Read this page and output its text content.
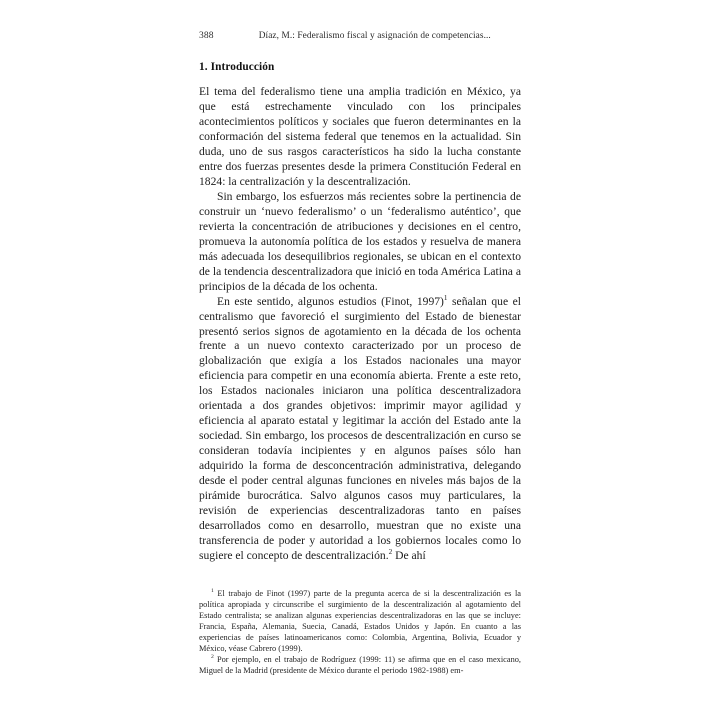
388	Díaz, M.: Federalismo fiscal y asignación de competencias...
1. Introducción

El tema del federalismo tiene una amplia tradición en México, ya que está estrechamente vinculado con los principales acontecimientos políticos y sociales que fueron determinantes en la conformación del sistema federal que tenemos en la actualidad. Sin duda, uno de sus rasgos característicos ha sido la lucha constante entre dos fuerzas presentes desde la primera Constitución Federal en 1824: la centralización y la descentralización.

Sin embargo, los esfuerzos más recientes sobre la pertinencia de construir un ‘nuevo federalismo’ o un ‘federalismo auténtico’, que revierta la concentración de atribuciones y decisiones en el centro, promueva la autonomía política de los estados y resuelva de manera más adecuada los desequilibrios regionales, se ubican en el contexto de la tendencia descentralizadora que inició en toda América Latina a principios de la década de los ochenta.

En este sentido, algunos estudios (Finot, 1997)$^1$ señalan que el centralismo que favoreció el surgimiento del Estado de bienestar presentó serios signos de agotamiento en la década de los ochenta frente a un nuevo contexto caracterizado por un proceso de globalización que exigía a los Estados nacionales una mayor eficiencia para competir en una economía abierta. Frente a este reto, los Estados nacionales iniciaron una política descentralizadora orientada a dos grandes objetivos: imprimir mayor agilidad y eficiencia al aparato estatal y legitimar la acción del Estado ante la sociedad. Sin embargo, los procesos de descentralización en curso se consideran todavía incipientes y en algunos países sólo han adquirido la forma de desconcentración administrativa, delegando desde el poder central algunas funciones en niveles más bajos de la pirámide burocrática. Salvo algunos casos muy particulares, la revisión de experiencias descentralizadoras tanto en países desarrollados como en desarrollo, muestran que no existe una transferencia de poder y autoridad a los gobiernos locales como lo sugiere el concepto de descentralización.$^2$ De ahí

$^1$ El trabajo de Finot (1997) parte de la pregunta acerca de si la descentralización es la política apropiada y circunscribe el surgimiento de la descentralización al agotamiento del Estado centralista; se analizan algunas experiencias descentralizadoras en las que se incluye: Francia, España, Alemania, Suecia, Canadá, Estados Unidos y Japón. En cuanto a las experiencias de países latinoamericanos como: Colombia, Argentina, Bolivia, Ecuador y México, véase Cabrero (1999).

$^2$ Por ejemplo, en el trabajo de Rodríguez (1999: 11) se afirma que en el caso mexicano, Miguel de la Madrid (presidente de México durante el periodo 1982-1988) em-
